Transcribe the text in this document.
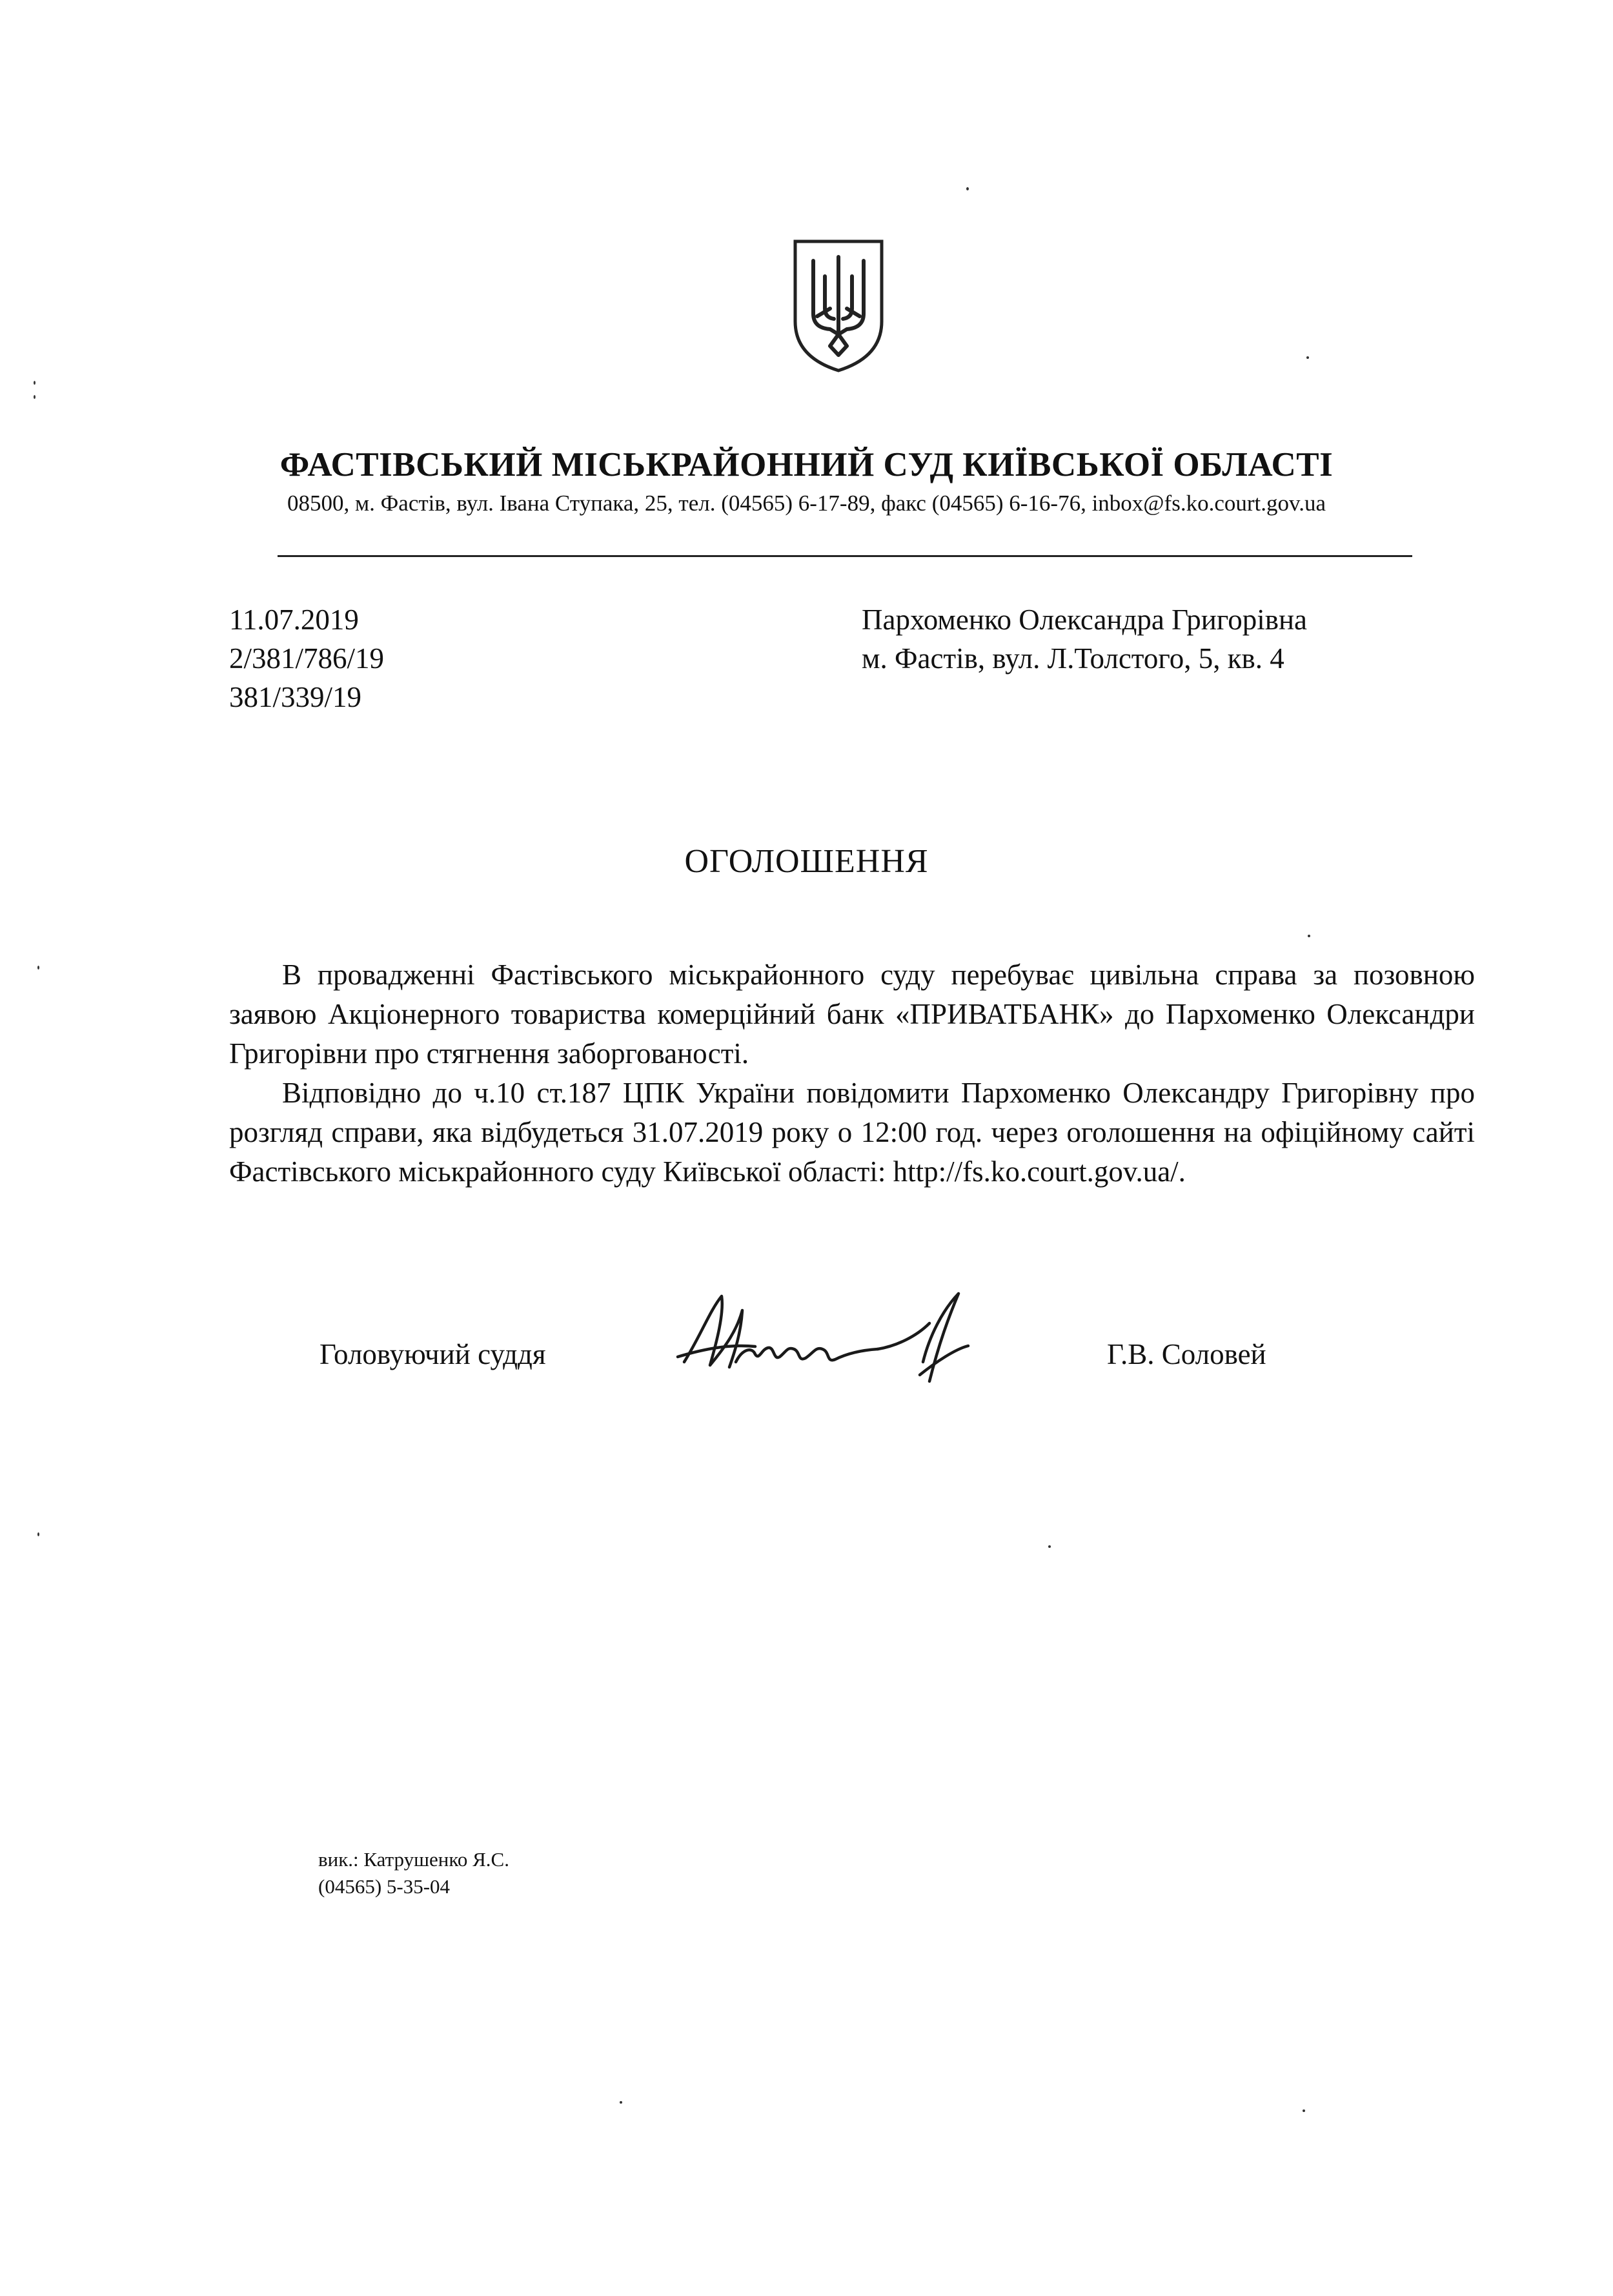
ФАСТІВСЬКИЙ МІСЬКРАЙОННИЙ СУД КИЇВСЬКОЇ ОБЛАСТІ
08500, м. Фастів, вул. Івана Ступака, 25, тел. (04565) 6-17-89, факс (04565) 6-16-76, inbox@fs.ko.court.gov.ua
11.07.2019
2/381/786/19
381/339/19
Пархоменко Олександра Григорівна
м. Фастів, вул. Л.Толстого, 5, кв. 4
ОГОЛОШЕННЯ
В провадженні Фастівського міськрайонного суду перебуває цивільна справа за позовною заявою Акціонерного товариства комерційний банк «ПРИВАТБАНК» до Пархоменко Олександри Григорівни про стягнення заборгованості.
Відповідно до ч.10 ст.187 ЦПК України повідомити Пархоменко Олександру Григорівну про розгляд справи, яка відбудеться 31.07.2019 року о 12:00 год. через оголошення на офіційному сайті Фастівського міськрайонного суду Київської області: http://fs.ko.court.gov.ua/.
Головуючий суддя	Г.В. Соловей
вик.: Катрушенко Я.С.
(04565) 5-35-04
